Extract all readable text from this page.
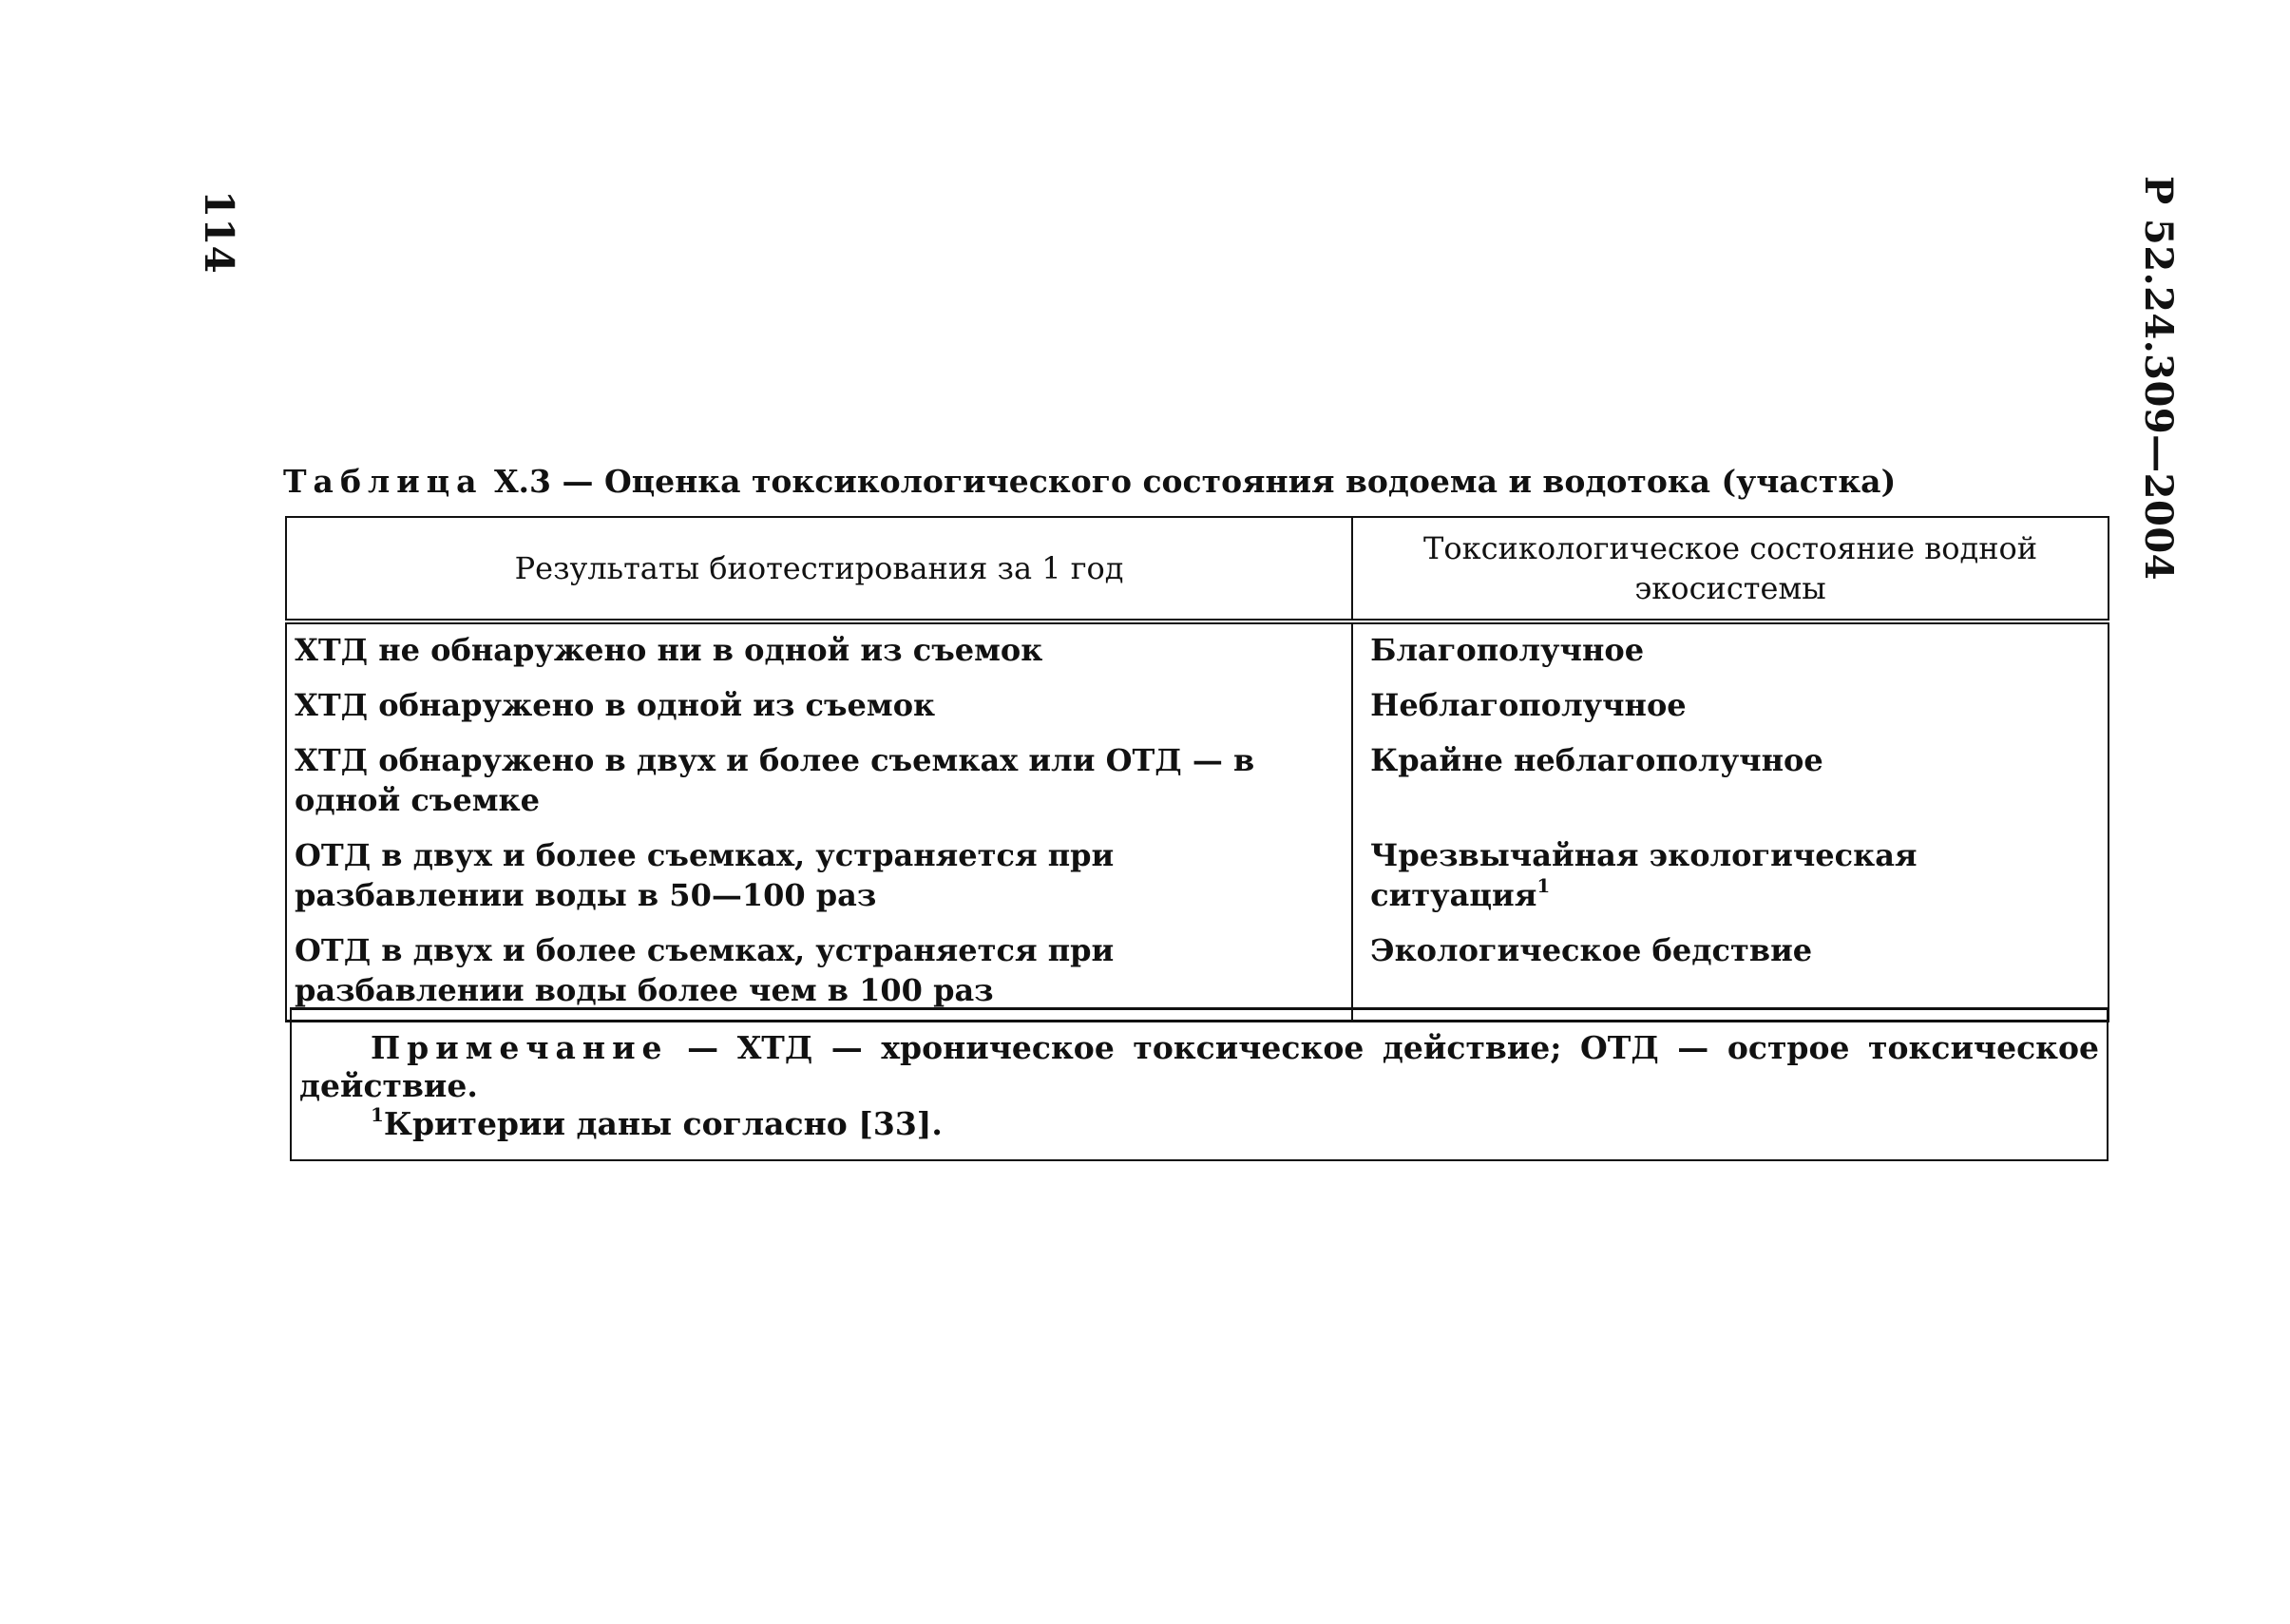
114	Р 52.24.309—2004
Таблица Х.3 — Оценка токсикологического состояния водоема и водотока (участка)
Результаты биотестирования за 1 год	Токсикологическое состояние водной экосистемы
ХТД не обнаружено ни в одной из съемок	Благополучное
ХТД обнаружено в одной из съемок	Неблагополучное
ХТД обнаружено в двух и более съемках или ОТД — в одной съемке	Крайне неблагополучное
ОТД в двух и более съемках, устраняется при разбавлении воды в 50—100 раз	Чрезвычайная экологическая ситуация$^1$
ОТД в двух и более съемках, устраняется при разбавлении воды более чем в 100 раз	Экологическое бедствие
Примечание — ХТД — хроническое токсическое действие; ОТД — острое токсическое действие.
$^1$Критерии даны согласно [33].
